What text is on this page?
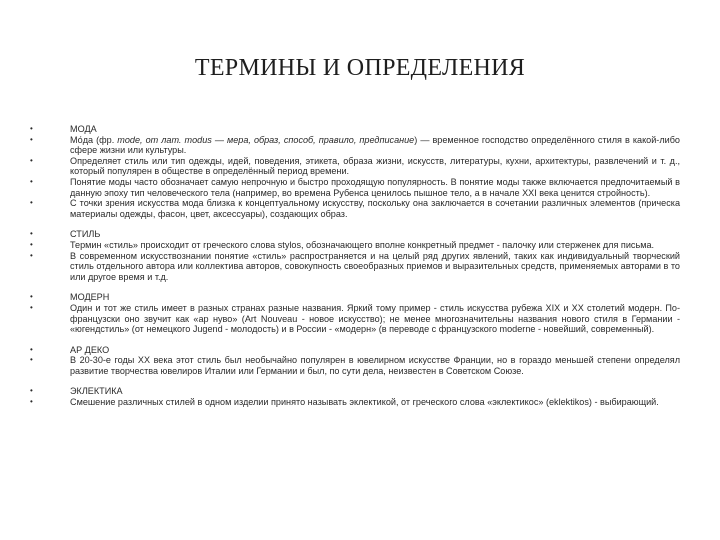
ТЕРМИНЫ И ОПРЕДЕЛЕНИЯ
•	МОДА
•	Мо́да (фр. mode, от лат. modus — мера, образ, способ, правило, предписание) — временное господство определённого стиля в какой-либо сфере жизни или культуры.
•	Определяет стиль или тип одежды, идей, поведения, этикета, образа жизни, искусств, литературы, кухни, архитектуры, развлечений и т. д., который популярен в обществе в определённый период времени.
•	Понятие моды часто обозначает самую непрочную и быстро проходящую популярность. В понятие моды также включается предпочитаемый в данную эпоху тип человеческого тела (например, во времена Рубенса ценилось пышное тело, а в начале XXI века ценится стройность).
•	С точки зрения искусства мода близка к концептуальному искусству, поскольку она заключается в сочетании различных элементов (прическа материалы одежды, фасон, цвет, аксессуары), создающих образ.
•	СТИЛЬ
•	Термин «стиль» происходит от греческого слова stylos, обозначающего вполне конкретный предмет - палочку или стерженек для письма.
•	В современном искусствознании понятие «стиль» распространяется и на целый ряд других явлений, таких как индивидуальный творческий стиль отдельного автора или коллектива авторов, совокупность своеобразных приемов и выразительных средств, применяемых авторами в то или другое время и т.д.
•	МОДЕРН
•	Один и тот же стиль имеет в разных странах разные названия. Яркий тому пример - стиль искусства рубежа XIX и XX столетий модерн. По-французски оно звучит как «ар нуво» (Art Nouveau - новое искусство); не менее многозначительны названия нового стиля в Германии - «югендстиль» (от немецкого Jugend - молодость) и в России - «модерн» (в переводе с французского moderne - новейший, современный).
•	АР ДЕКО
•	В 20-30-е годы XX века этот стиль был необычайно популярен в ювелирном искусстве Франции, но в гораздо меньшей степени определял развитие творчества ювелиров Италии или Германии и был, по сути дела, неизвестен в Советском Союзе.
•	ЭКЛЕКТИКА
•	Смешение различных стилей в одном изделии принято называть эклектикой, от греческого слова «эклектикос» (eklektikos) - выбирающий.
